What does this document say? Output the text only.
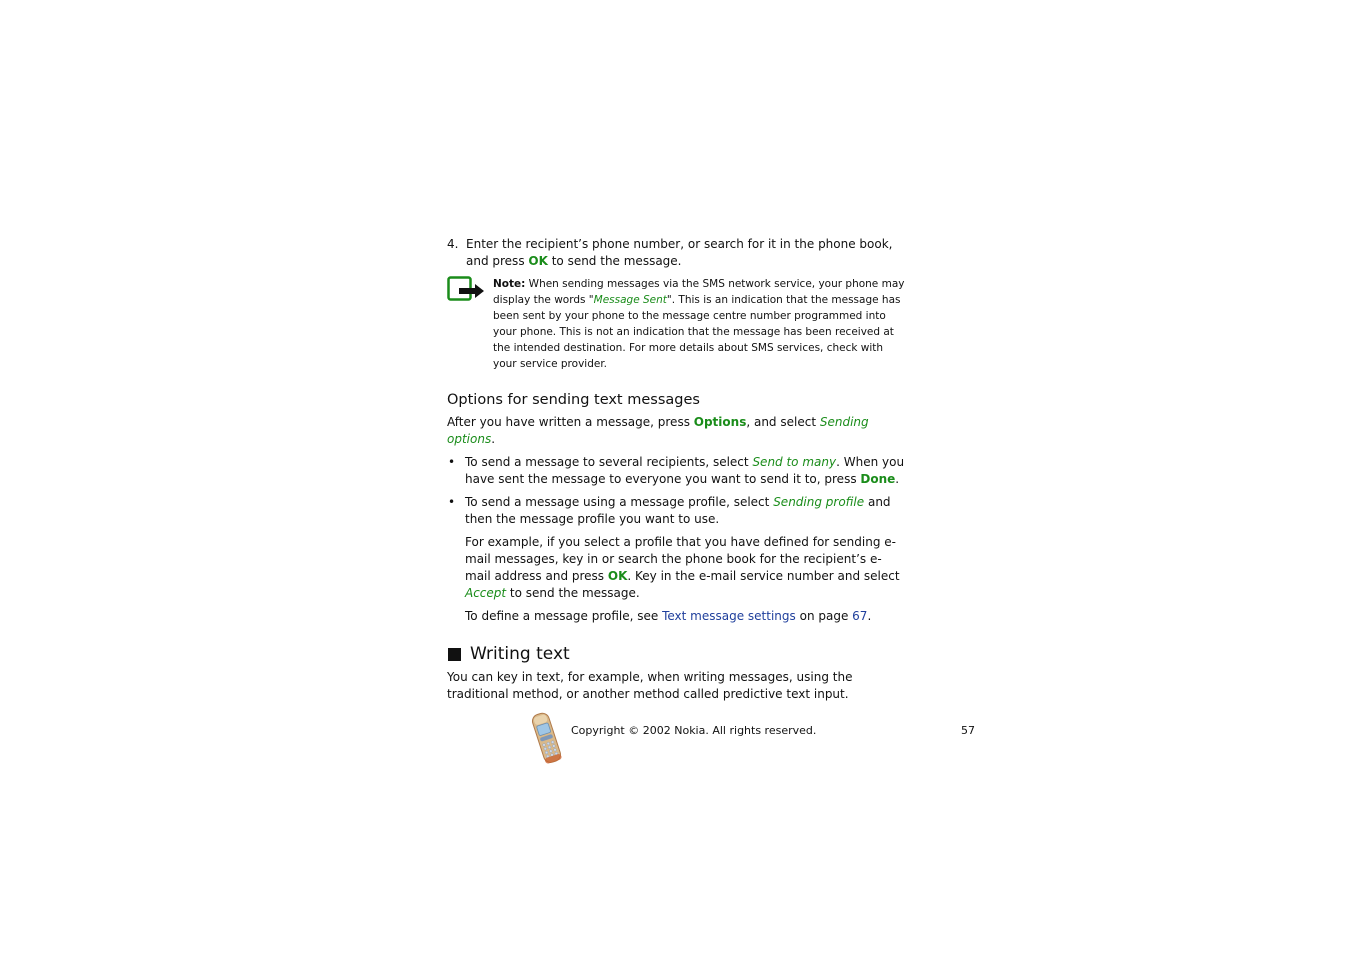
4. Enter the recipient’s phone number, or search for it in the phone book, and press OK to send the message.

Note: When sending messages via the SMS network service, your phone may display the words "Message Sent". This is an indication that the message has been sent by your phone to the message centre number programmed into your phone. This is not an indication that the message has been received at the intended destination. For more details about SMS services, check with your service provider.

Options for sending text messages

After you have written a message, press Options, and select Sending options.

• To send a message to several recipients, select Send to many. When you have sent the message to everyone you want to send it to, press Done.

• To send a message using a message profile, select Sending profile and then the message profile you want to use.

For example, if you select a profile that you have defined for sending e-mail messages, key in or search the phone book for the recipient’s e-mail address and press OK. Key in the e-mail service number and select Accept to send the message.

To define a message profile, see Text message settings on page 67.

Writing text

You can key in text, for example, when writing messages, using the traditional method, or another method called predictive text input.

Copyright © 2002 Nokia. All rights reserved.	57
